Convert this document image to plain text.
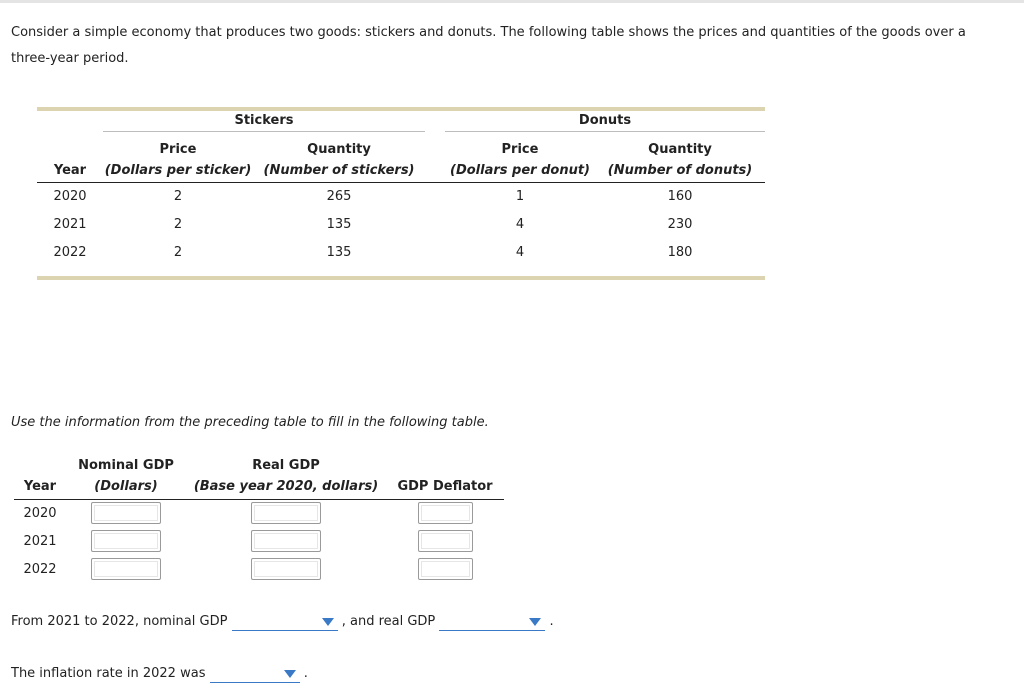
Consider a simple economy that produces two goods: stickers and donuts. The following table shows the prices and quantities of the goods over a three-year period.

	Stickers			Donuts	

	Price	Quantity		Price	Quantity
Year	(Dollars per sticker)	(Number of stickers)		(Dollars per donut)	(Number of donuts)
2020	2	265		1	160
2021	2	135		4	230
2022	2	135		4	180

Use the information from the preceding table to fill in the following table.
	Nominal GDP	Real GDP	
Year	(Dollars)	(Base year 2020, dollars)	GDP Deflator
2020			
2021			
2022			
From 2021 to 2022, nominal GDP	, and real GDP	.
The inflation rate in 2022 was	.
